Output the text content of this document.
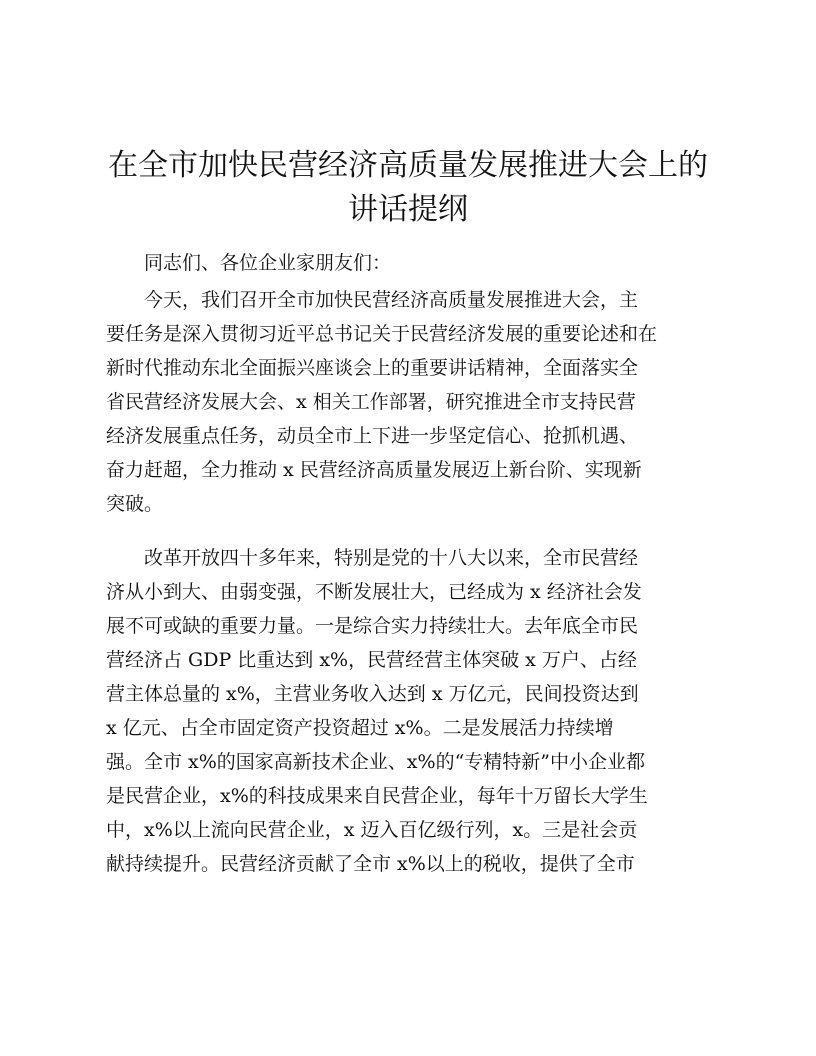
在全市加快民营经济高质量发展推进大会上的
讲话提纲

同志们、各位企业家朋友们：

今天，我们召开全市加快民营经济高质量发展推进大会，主
要任务是深入贯彻习近平总书记关于民营经济发展的重要论述和在
新时代推动东北全面振兴座谈会上的重要讲话精神，全面落实全
省民营经济发展大会、x 相关工作部署，研究推进全市支持民营
经济发展重点任务，动员全市上下进一步坚定信心、抢抓机遇、
奋力赶超，全力推动 x 民营经济高质量发展迈上新台阶、实现新
突破。

改革开放四十多年来，特别是党的十八大以来，全市民营经
济从小到大、由弱变强，不断发展壮大，已经成为 x 经济社会发
展不可或缺的重要力量。一是综合实力持续壮大。去年底全市民
营经济占 GDP 比重达到 x%，民营经营主体突破 x 万户、占经
营主体总量的 x%，主营业务收入达到 x 万亿元，民间投资达到
x 亿元、占全市固定资产投资超过 x%。二是发展活力持续增
强。全市 x%的国家高新技术企业、x%的“专精特新”中小企业都
是民营企业，x%的科技成果来自民营企业，每年十万留长大学生
中，x%以上流向民营企业，x 迈入百亿级行列，x。三是社会贡
献持续提升。民营经济贡献了全市 x%以上的税收，提供了全市
